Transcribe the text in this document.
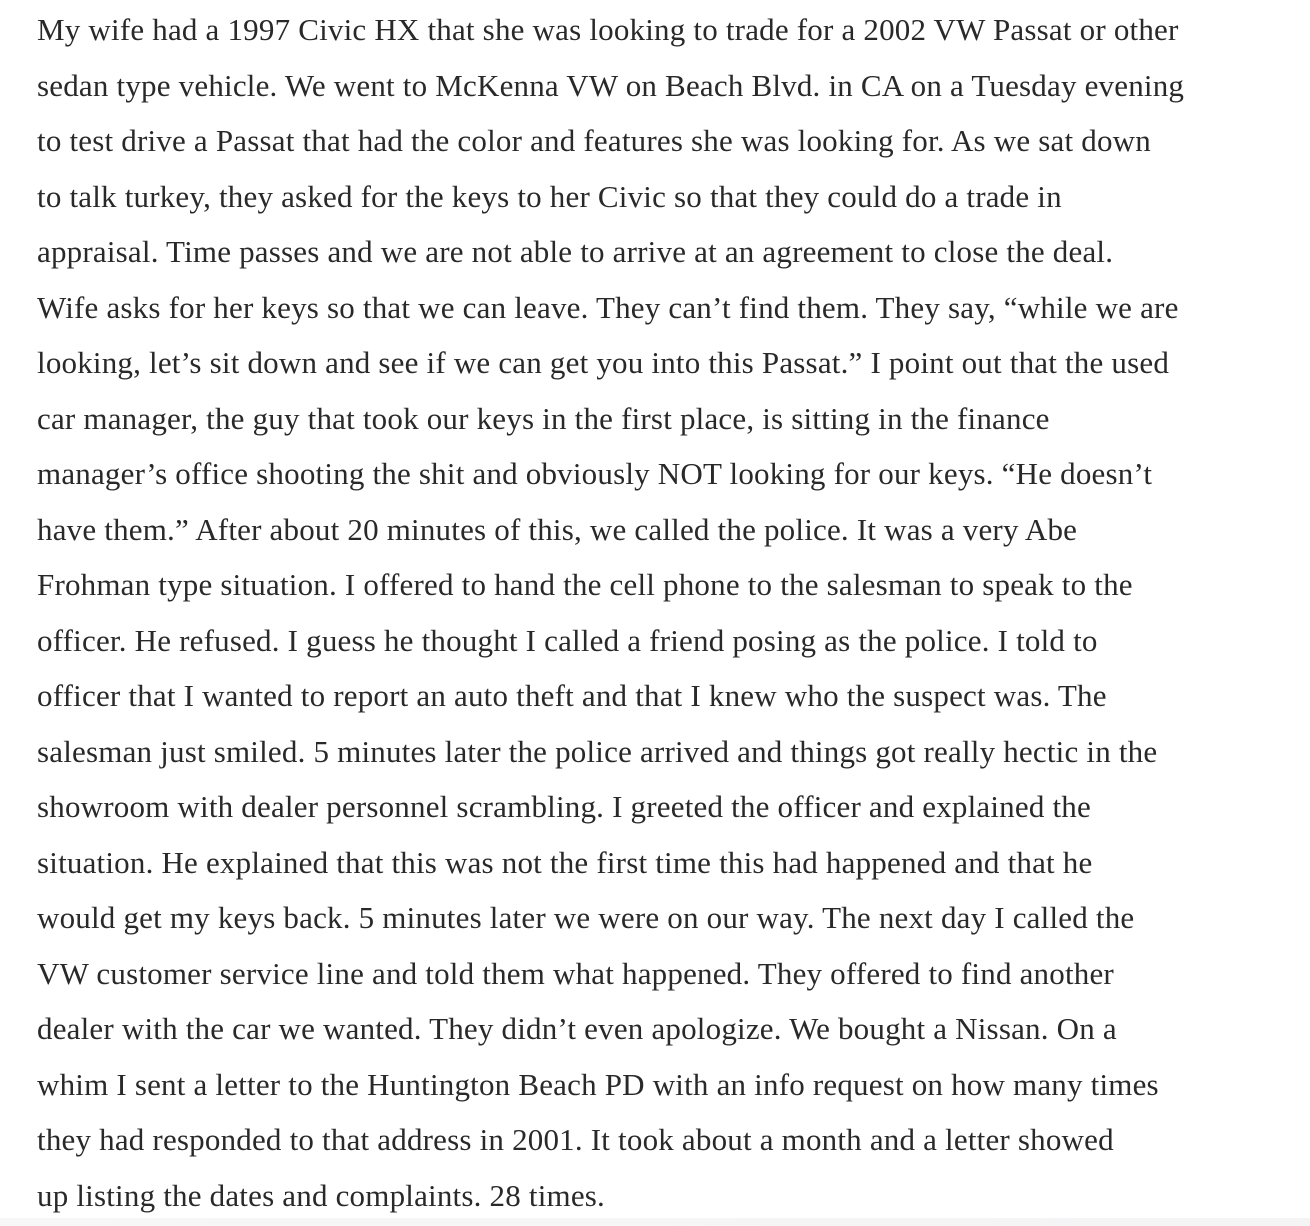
My wife had a 1997 Civic HX that she was looking to trade for a 2002 VW Passat or other
sedan type vehicle. We went to McKenna VW on Beach Blvd. in CA on a Tuesday evening
to test drive a Passat that had the color and features she was looking for. As we sat down
to talk turkey, they asked for the keys to her Civic so that they could do a trade in
appraisal. Time passes and we are not able to arrive at an agreement to close the deal.
Wife asks for her keys so that we can leave. They can’t find them. They say, “while we are
looking, let’s sit down and see if we can get you into this Passat.” I point out that the used
car manager, the guy that took our keys in the first place, is sitting in the finance
manager’s office shooting the shit and obviously NOT looking for our keys. “He doesn’t
have them.” After about 20 minutes of this, we called the police. It was a very Abe
Frohman type situation. I offered to hand the cell phone to the salesman to speak to the
officer. He refused. I guess he thought I called a friend posing as the police. I told to
officer that I wanted to report an auto theft and that I knew who the suspect was. The
salesman just smiled. 5 minutes later the police arrived and things got really hectic in the
showroom with dealer personnel scrambling. I greeted the officer and explained the
situation. He explained that this was not the first time this had happened and that he
would get my keys back. 5 minutes later we were on our way. The next day I called the
VW customer service line and told them what happened. They offered to find another
dealer with the car we wanted. They didn’t even apologize. We bought a Nissan. On a
whim I sent a letter to the Huntington Beach PD with an info request on how many times
they had responded to that address in 2001. It took about a month and a letter showed
up listing the dates and complaints. 28 times.
